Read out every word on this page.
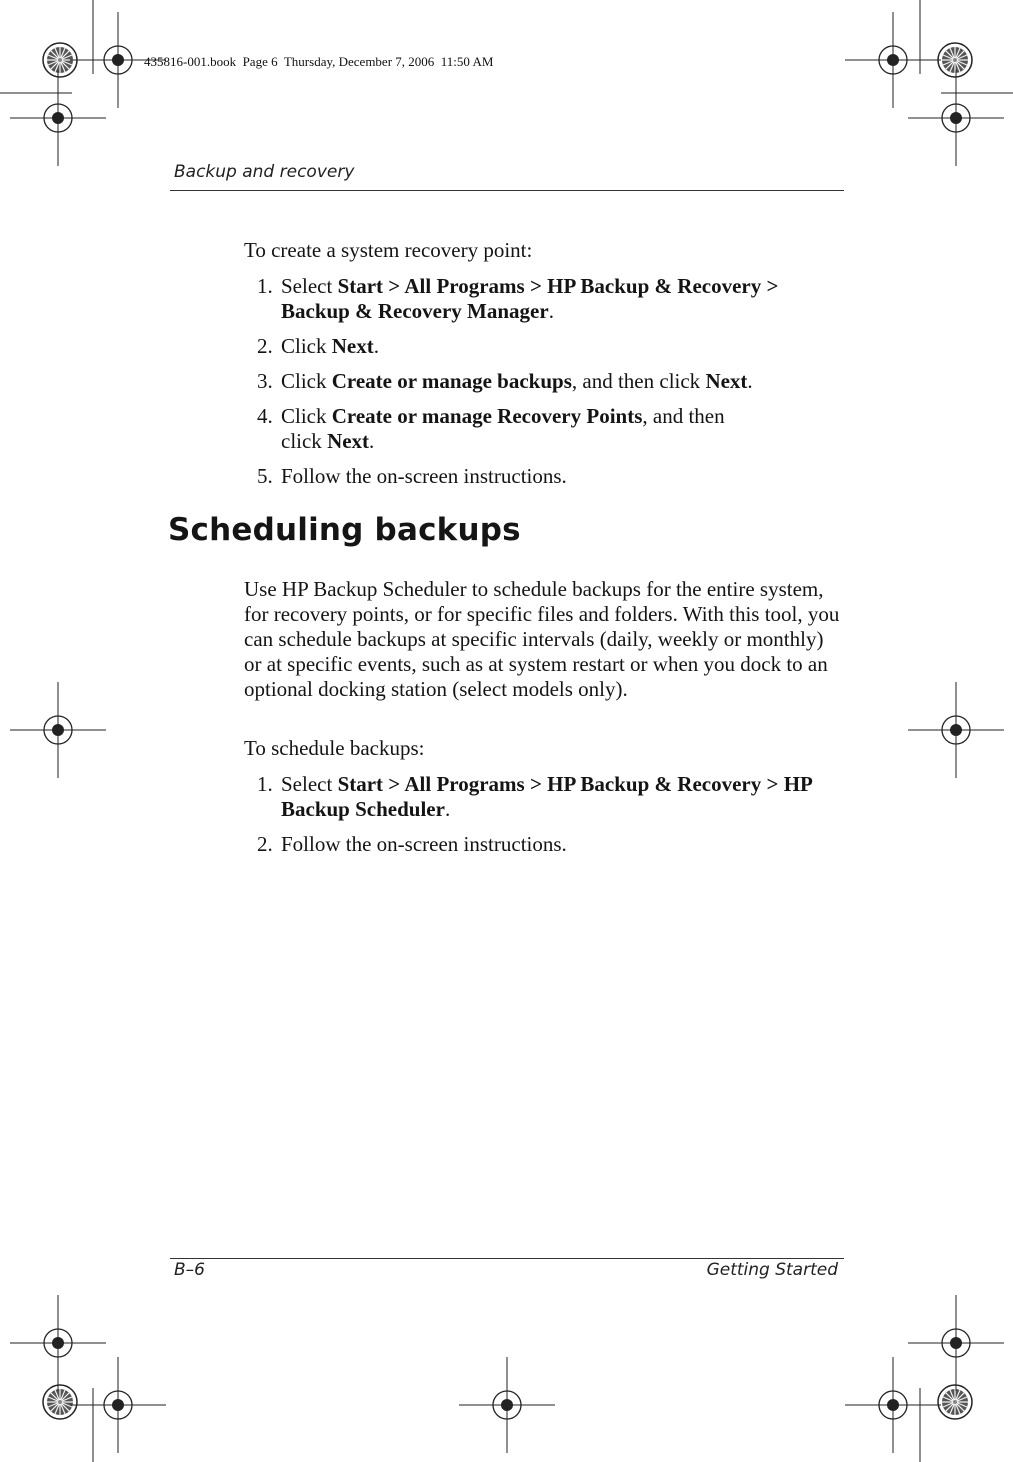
435816-001.book  Page 6  Thursday, December 7, 2006  11:50 AM
Backup and recovery
To create a system recovery point:
1. Select Start > All Programs > HP Backup & Recovery > Backup & Recovery Manager.
2. Click Next.
3. Click Create or manage backups, and then click Next.
4. Click Create or manage Recovery Points, and then click Next.
5. Follow the on-screen instructions.
Scheduling backups

Use HP Backup Scheduler to schedule backups for the entire system, for recovery points, or for specific files and folders. With this tool, you can schedule backups at specific intervals (daily, weekly or monthly) or at specific events, such as at system restart or when you dock to an optional docking station (select models only).

To schedule backups:
1. Select Start > All Programs > HP Backup & Recovery > HP Backup Scheduler.
2. Follow the on-screen instructions.
B–6	Getting Started
